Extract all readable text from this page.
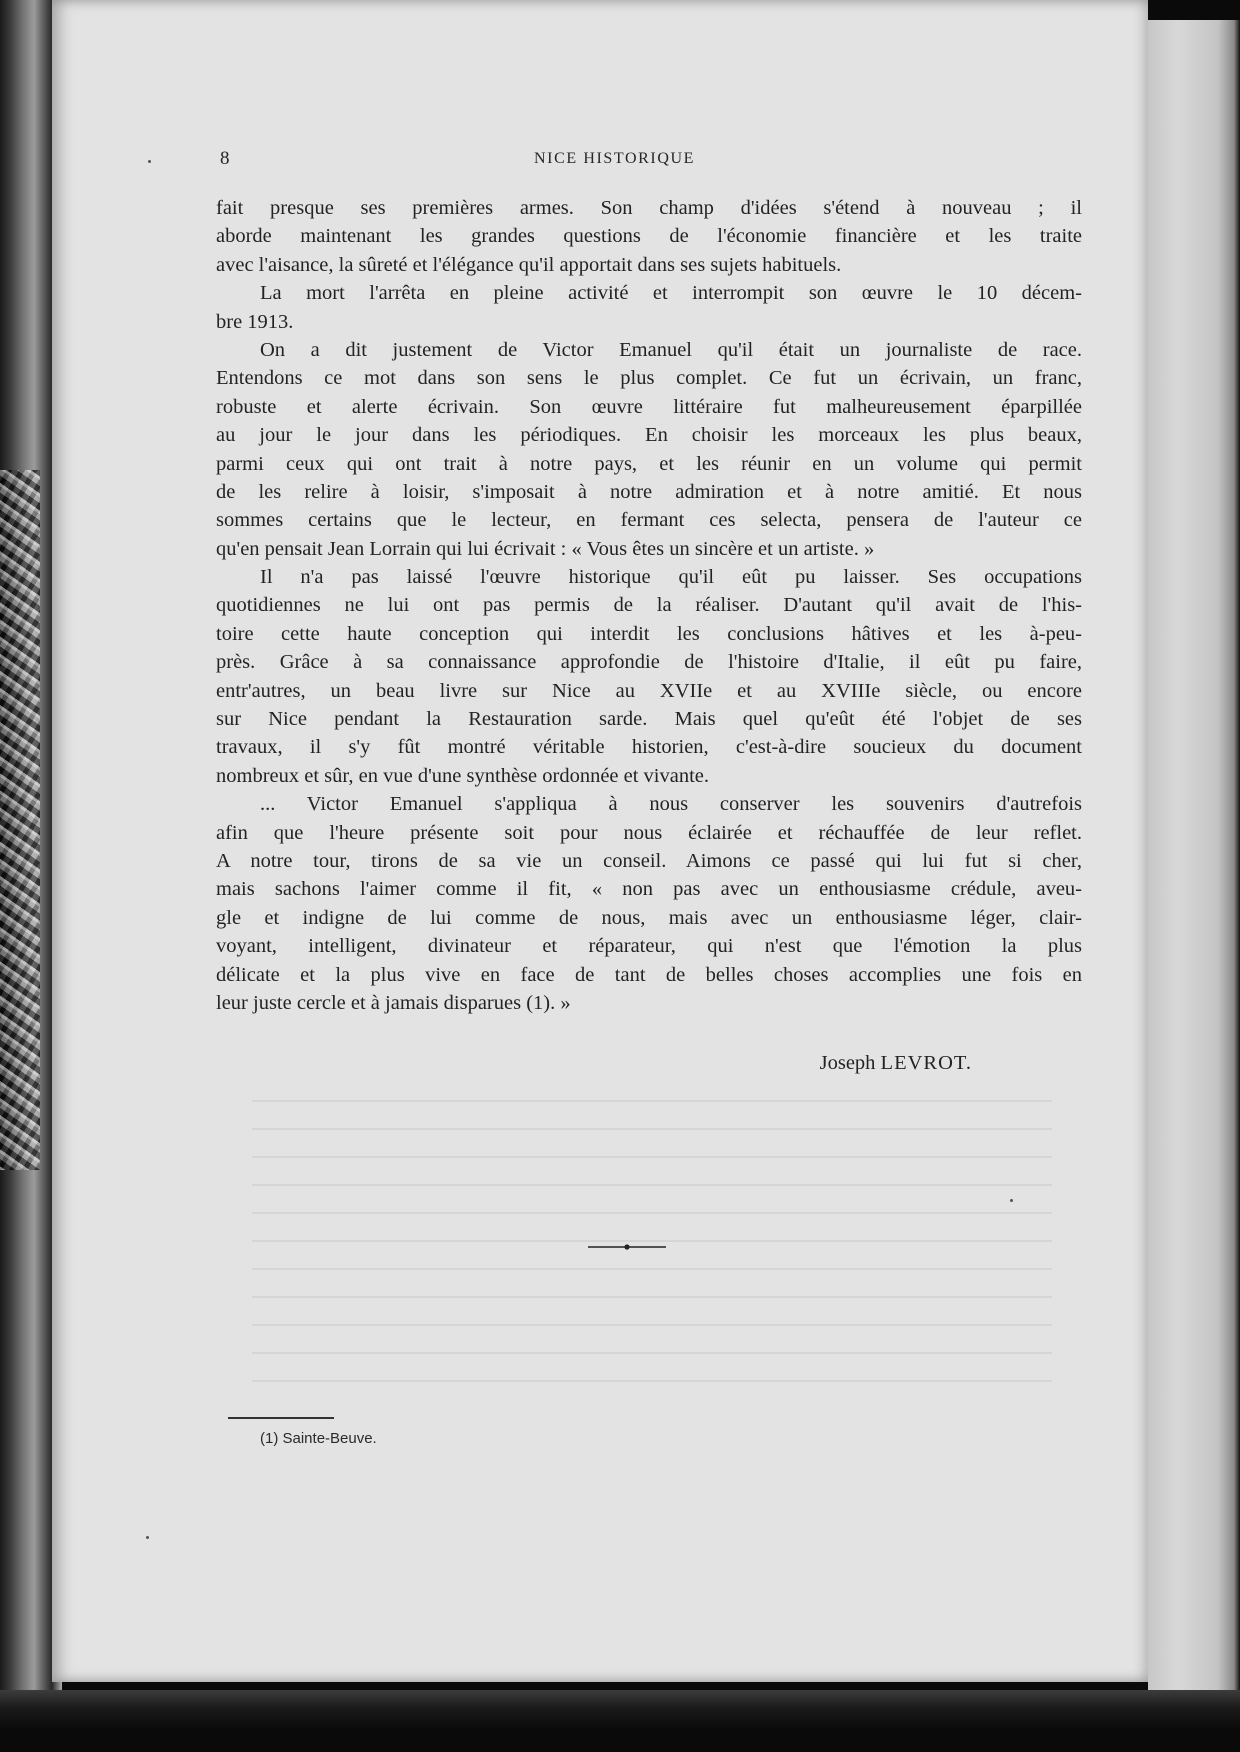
8	NICE HISTORIQUE
fait presque ses premières armes. Son champ d'idées s'étend à nouveau ; il
aborde maintenant les grandes questions de l'économie financière et les traite
avec l'aisance, la sûreté et l'élégance qu'il apportait dans ses sujets habituels.
La mort l'arrêta en pleine activité et interrompit son œuvre le 10 décem-
bre 1913.
On a dit justement de Victor Emanuel qu'il était un journaliste de race.
Entendons ce mot dans son sens le plus complet. Ce fut un écrivain, un franc,
robuste et alerte écrivain. Son œuvre littéraire fut malheureusement éparpillée
au jour le jour dans les périodiques. En choisir les morceaux les plus beaux,
parmi ceux qui ont trait à notre pays, et les réunir en un volume qui permit
de les relire à loisir, s'imposait à notre admiration et à notre amitié. Et nous
sommes certains que le lecteur, en fermant ces selecta, pensera de l'auteur ce
qu'en pensait Jean Lorrain qui lui écrivait : « Vous êtes un sincère et un artiste. »
Il n'a pas laissé l'œuvre historique qu'il eût pu laisser. Ses occupations
quotidiennes ne lui ont pas permis de la réaliser. D'autant qu'il avait de l'his-
toire cette haute conception qui interdit les conclusions hâtives et les à-peu-
près. Grâce à sa connaissance approfondie de l'histoire d'Italie, il eût pu faire,
entr'autres, un beau livre sur Nice au XVIIe et au XVIIIe siècle, ou encore
sur Nice pendant la Restauration sarde. Mais quel qu'eût été l'objet de ses
travaux, il s'y fût montré véritable historien, c'est-à-dire soucieux du document
nombreux et sûr, en vue d'une synthèse ordonnée et vivante.
... Victor Emanuel s'appliqua à nous conserver les souvenirs d'autrefois
afin que l'heure présente soit pour nous éclairée et réchauffée de leur reflet.
A notre tour, tirons de sa vie un conseil. Aimons ce passé qui lui fut si cher,
mais sachons l'aimer comme il fit, « non pas avec un enthousiasme crédule, aveu-
gle et indigne de lui comme de nous, mais avec un enthousiasme léger, clair-
voyant, intelligent, divinateur et réparateur, qui n'est que l'émotion la plus
délicate et la plus vive en face de tant de belles choses accomplies une fois en
leur juste cercle et à jamais disparues (1). »
Joseph LEVROT.
(1) Sainte-Beuve.
